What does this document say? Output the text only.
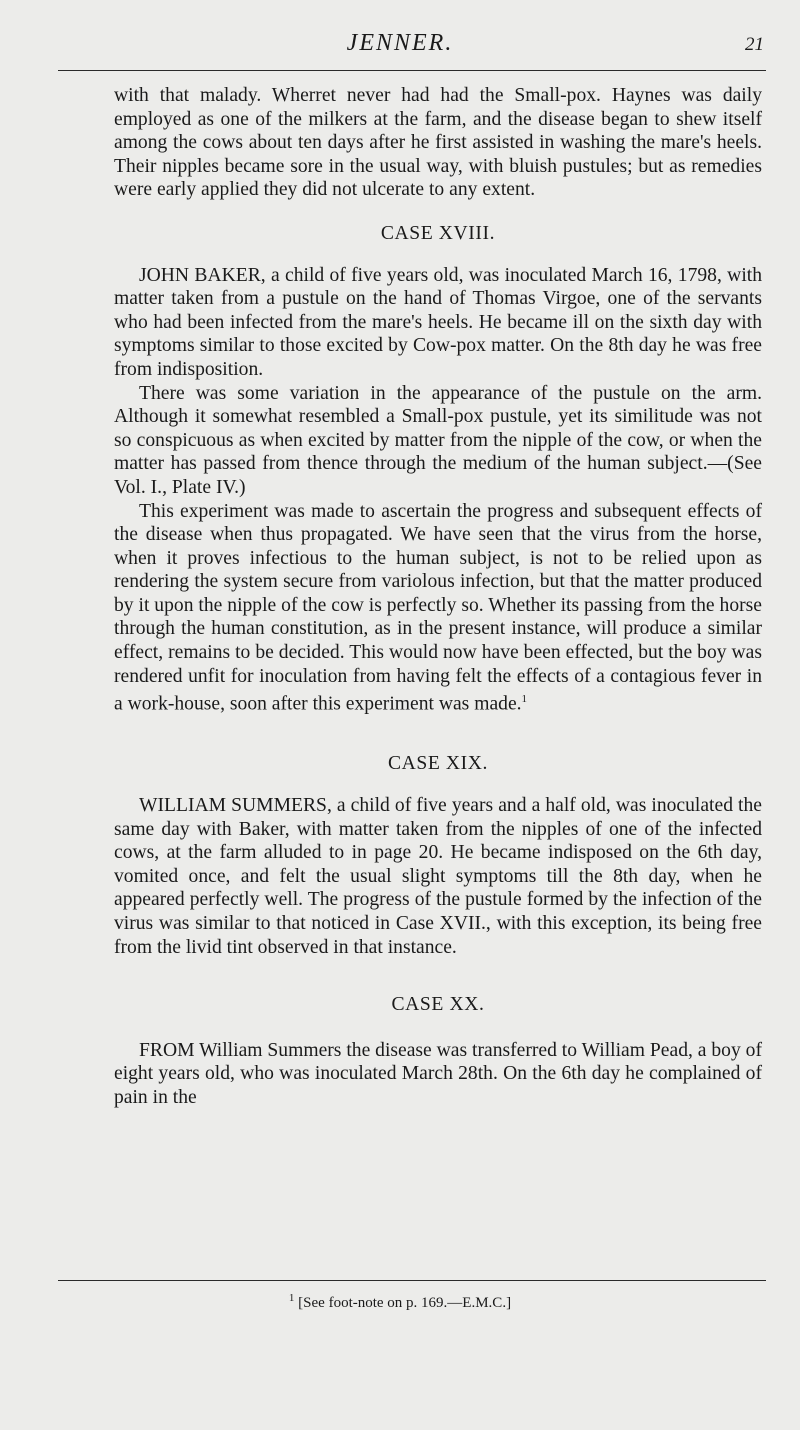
JENNER.	21

with that malady. Wherret never had had the Small-pox. Haynes was daily employed as one of the milkers at the farm, and the disease began to shew itself among the cows about ten days after he first assisted in washing the mare's heels. Their nipples became sore in the usual way, with bluish pustules; but as remedies were early applied they did not ulcerate to any extent.

CASE XVIII.

JOHN BAKER, a child of five years old, was inoculated March 16, 1798, with matter taken from a pustule on the hand of Thomas Virgoe, one of the servants who had been infected from the mare's heels. He became ill on the sixth day with symptoms similar to those excited by Cow-pox matter. On the 8th day he was free from indisposition.

There was some variation in the appearance of the pustule on the arm. Although it somewhat resembled a Small-pox pustule, yet its similitude was not so conspicuous as when excited by matter from the nipple of the cow, or when the matter has passed from thence through the medium of the human subject.—(See Vol. I., Plate IV.)

This experiment was made to ascertain the progress and subsequent effects of the disease when thus propagated. We have seen that the virus from the horse, when it proves infectious to the human subject, is not to be relied upon as rendering the system secure from variolous infection, but that the matter produced by it upon the nipple of the cow is perfectly so. Whether its passing from the horse through the human constitution, as in the present instance, will produce a similar effect, remains to be decided. This would now have been effected, but the boy was rendered unfit for inoculation from having felt the effects of a contagious fever in a work-house, soon after this experiment was made.$^1$

CASE XIX.

WILLIAM SUMMERS, a child of five years and a half old, was inoculated the same day with Baker, with matter taken from the nipples of one of the infected cows, at the farm alluded to in page 20. He became indisposed on the 6th day, vomited once, and felt the usual slight symptoms till the 8th day, when he appeared perfectly well. The progress of the pustule formed by the infection of the virus was similar to that noticed in Case XVII., with this exception, its being free from the livid tint observed in that instance.

CASE XX.

FROM William Summers the disease was transferred to William Pead, a boy of eight years old, who was inoculated March 28th. On the 6th day he complained of pain in the

$^1$ [See foot-note on p. 169.—E.M.C.]
